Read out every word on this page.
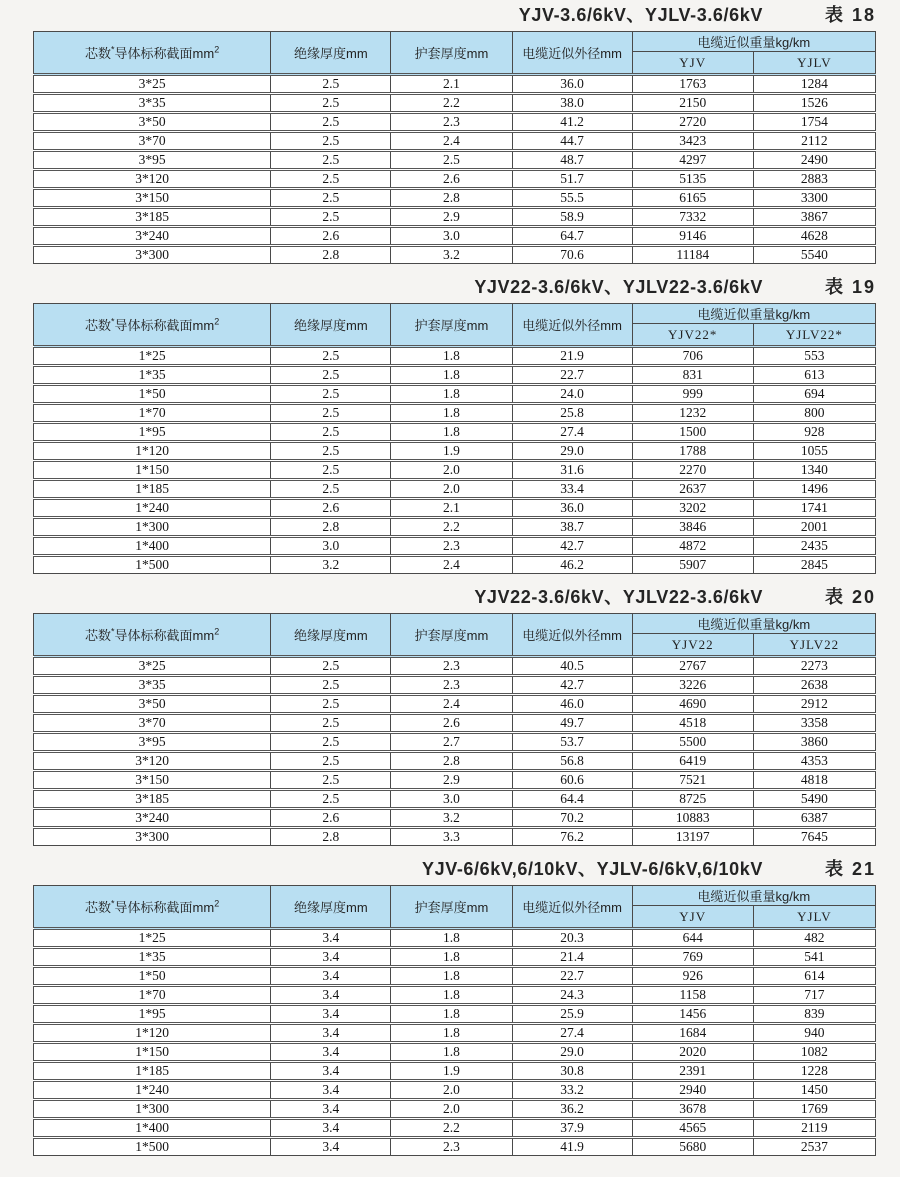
YJV-3.6/6kV、YJLV-3.6/6kV	表 18
芯数*导体标称截面$mm^2$	绝缘厚度mm	护套厚度mm	电缆近似外径mm	电缆近似重量kg/km	
				YJV	YJLV
3*25	2.5	2.1	36.0	1763	1284
3*35	2.5	2.2	38.0	2150	1526
3*50	2.5	2.3	41.2	2720	1754
3*70	2.5	2.4	44.7	3423	2112
3*95	2.5	2.5	48.7	4297	2490
3*120	2.5	2.6	51.7	5135	2883
3*150	2.5	2.8	55.5	6165	3300
3*185	2.5	2.9	58.9	7332	3867
3*240	2.6	3.0	64.7	9146	4628
3*300	2.8	3.2	70.6	11184	5540
YJV22-3.6/6kV、YJLV22-3.6/6kV	表 19
芯数*导体标称截面$mm^2$	绝缘厚度mm	护套厚度mm	电缆近似外径mm	电缆近似重量kg/km	
				YJV22*	YJLV22*
1*25	2.5	1.8	21.9	706	553
1*35	2.5	1.8	22.7	831	613
1*50	2.5	1.8	24.0	999	694
1*70	2.5	1.8	25.8	1232	800
1*95	2.5	1.8	27.4	1500	928
1*120	2.5	1.9	29.0	1788	1055
1*150	2.5	2.0	31.6	2270	1340
1*185	2.5	2.0	33.4	2637	1496
1*240	2.6	2.1	36.0	3202	1741
1*300	2.8	2.2	38.7	3846	2001
1*400	3.0	2.3	42.7	4872	2435
1*500	3.2	2.4	46.2	5907	2845
YJV22-3.6/6kV、YJLV22-3.6/6kV	表 20
芯数*导体标称截面$mm^2$	绝缘厚度mm	护套厚度mm	电缆近似外径mm	电缆近似重量kg/km	
				YJV22	YJLV22
3*25	2.5	2.3	40.5	2767	2273
3*35	2.5	2.3	42.7	3226	2638
3*50	2.5	2.4	46.0	4690	2912
3*70	2.5	2.6	49.7	4518	3358
3*95	2.5	2.7	53.7	5500	3860
3*120	2.5	2.8	56.8	6419	4353
3*150	2.5	2.9	60.6	7521	4818
3*185	2.5	3.0	64.4	8725	5490
3*240	2.6	3.2	70.2	10883	6387
3*300	2.8	3.3	76.2	13197	7645
YJV-6/6kV,6/10kV、YJLV-6/6kV,6/10kV	表 21
芯数*导体标称截面$mm^2$	绝缘厚度mm	护套厚度mm	电缆近似外径mm	电缆近似重量kg/km	
				YJV	YJLV
1*25	3.4	1.8	20.3	644	482
1*35	3.4	1.8	21.4	769	541
1*50	3.4	1.8	22.7	926	614
1*70	3.4	1.8	24.3	1158	717
1*95	3.4	1.8	25.9	1456	839
1*120	3.4	1.8	27.4	1684	940
1*150	3.4	1.8	29.0	2020	1082
1*185	3.4	1.9	30.8	2391	1228
1*240	3.4	2.0	33.2	2940	1450
1*300	3.4	2.0	36.2	3678	1769
1*400	3.4	2.2	37.9	4565	2119
1*500	3.4	2.3	41.9	5680	2537
